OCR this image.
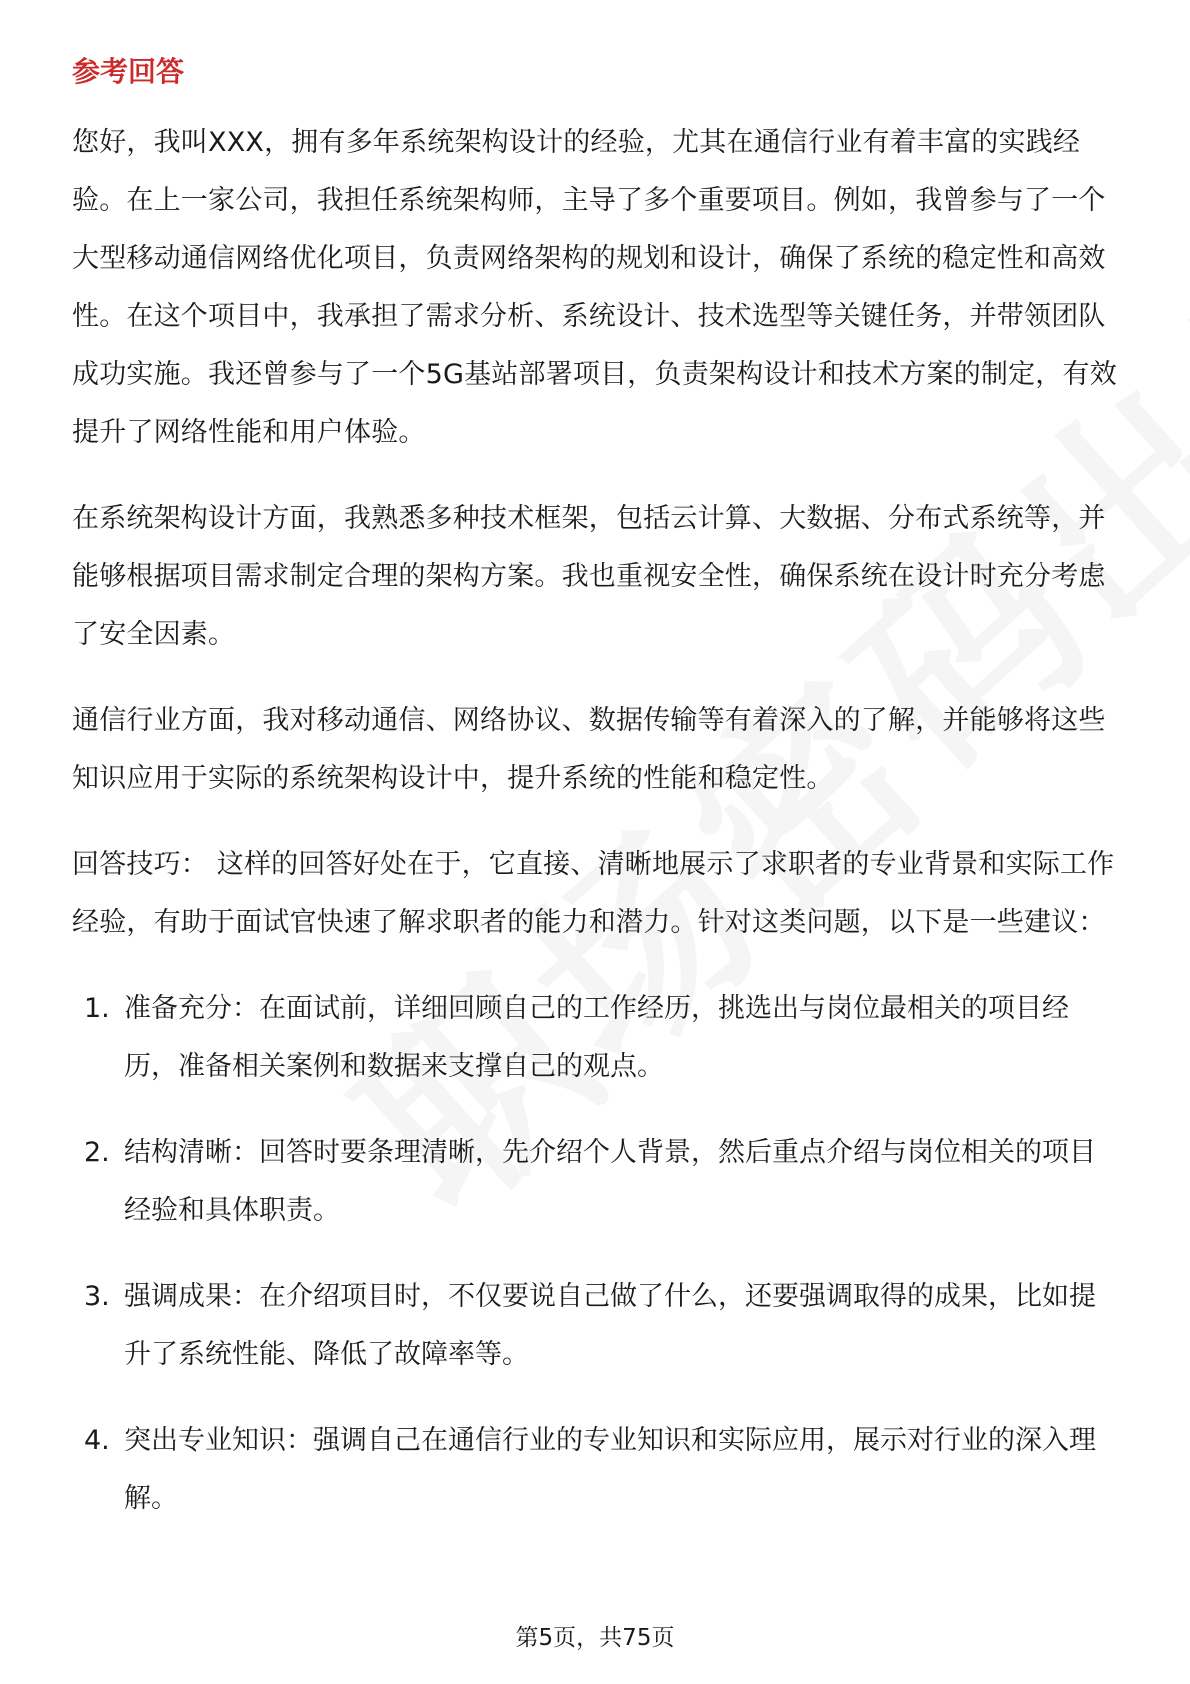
参考回答

您好，我叫XXX，拥有多年系统架构设计的经验，尤其在通信行业有着丰富的实践经验。在上一家公司，我担任系统架构师，主导了多个重要项目。例如，我曾参与了一个大型移动通信网络优化项目，负责网络架构的规划和设计，确保了系统的稳定性和高效性。在这个项目中，我承担了需求分析、系统设计、技术选型等关键任务，并带领团队成功实施。我还曾参与了一个5G基站部署项目，负责架构设计和技术方案的制定，有效提升了网络性能和用户体验。

在系统架构设计方面，我熟悉多种技术框架，包括云计算、大数据、分布式系统等，并能够根据项目需求制定合理的架构方案。我也重视安全性，确保系统在设计时充分考虑了安全因素。

通信行业方面，我对移动通信、网络协议、数据传输等有着深入的了解，并能够将这些知识应用于实际的系统架构设计中，提升系统的性能和稳定性。

回答技巧： 这样的回答好处在于，它直接、清晰地展示了求职者的专业背景和实际工作经验，有助于面试官快速了解求职者的能力和潜力。针对这类问题，以下是一些建议：

1. 准备充分：在面试前，详细回顾自己的工作经历，挑选出与岗位最相关的项目经历，准备相关案例和数据来支撑自己的观点。
2. 结构清晰：回答时要条理清晰，先介绍个人背景，然后重点介绍与岗位相关的项目经验和具体职责。
3. 强调成果：在介绍项目时，不仅要说自己做了什么，还要强调取得的成果，比如提升了系统性能、降低了故障率等。
4. 突出专业知识：强调自己在通信行业的专业知识和实际应用，展示对行业的深入理解。
第5页，共75页
